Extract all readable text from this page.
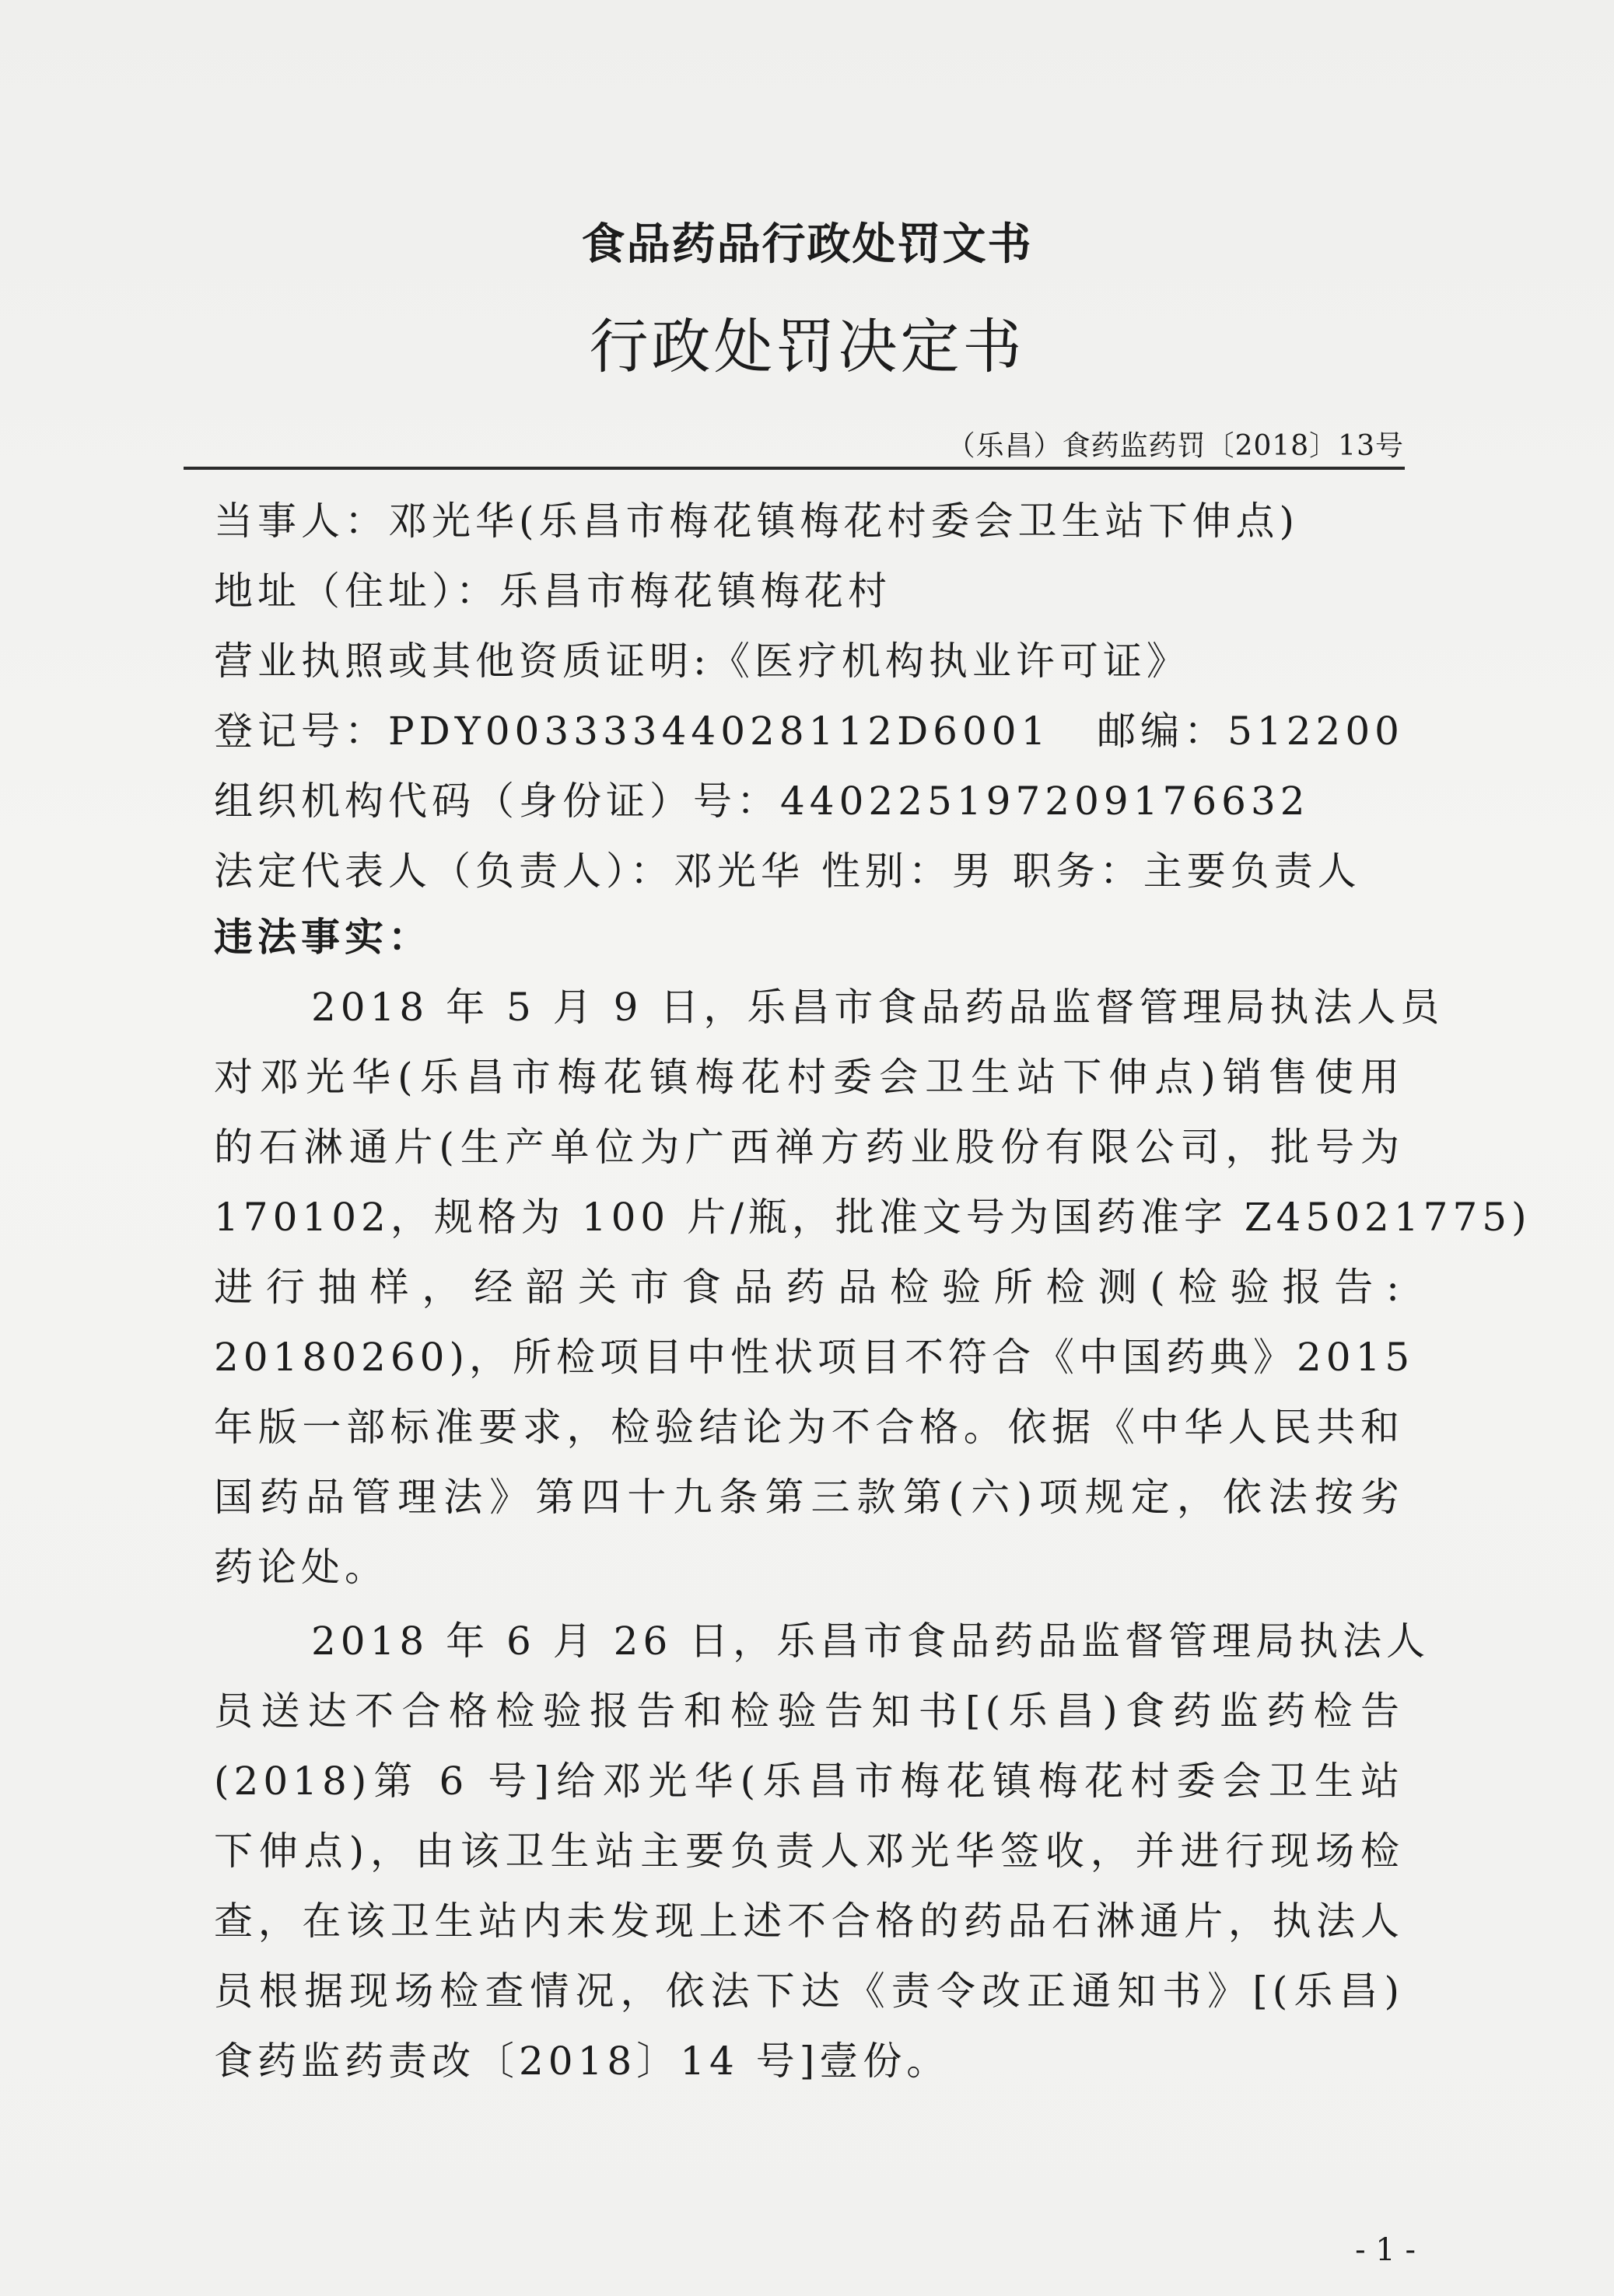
食品药品行政处罚文书
行政处罚决定书
（乐昌）食药监药罚〔2018〕13号
当事人：邓光华(乐昌市梅花镇梅花村委会卫生站下伸点)
地址（住址）：乐昌市梅花镇梅花村
营业执照或其他资质证明:《医疗机构执业许可证》
登记号：PDY003333440281​12D6001 邮编：512200
组织机构代码（身份证）号：440225197209176632
法定代表人（负责人）：邓光华 性别：男 职务：主要负责人
违法事实：
2018 年 5 月 9 日，乐昌市食品药品监督管理局执法人员
对邓光华(乐昌市梅花镇梅花村委会卫生站下伸点)销售使用
的石淋通片(生产单位为广西禅方药业股份有限公司，批号为
170102，规格为 100 片/瓶，批准文号为国药准字 Z45021775)
进行抽样，经韶关市食品药品检验所检测(检验报告:
20180260)，所检项目中性状项目不符合《中国药典》2015
年版一部标准要求，检验结论为不合格。依据《中华人民共和
国药品管理法》第四十九条第三款第(六)项规定，依法按劣
药论处。
2018 年 6 月 26 日，乐昌市食品药品监督管理局执法人
员送达不合格检验报告和检验告知书[(乐昌)食药监药检告
(2018)第 6 号]给邓光华(乐昌市梅花镇梅花村委会卫生站
下伸点)，由该卫生站主要负责人邓光华签收，并进行现场检
查，在该卫生站内未发现上述不合格的药品石淋通片，执法人
员根据现场检查情况，依法下达《责令改正通知书》[(乐昌)
食药监药责改〔2018〕14 号]壹份。
- 1 -
